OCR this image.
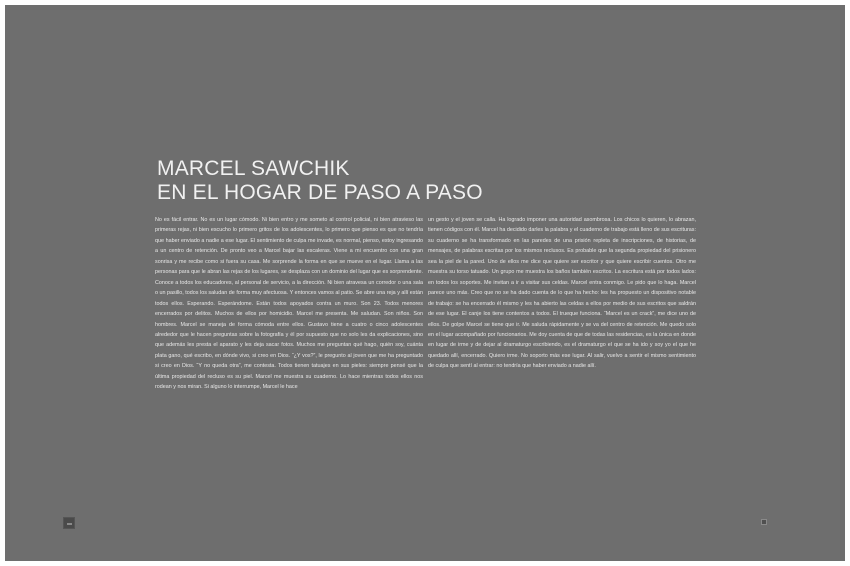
MARCEL SAWCHIK
EN EL HOGAR DE PASO A PASO

No es fácil entrar. No es un lugar cómodo. Ni bien entro y me someto al control policial, ni bien atravieso las primeras rejas, ni bien escucho lo primero gritos de los adolescentes, lo primero que pienso es que no tendría que haber enviado a nadie a ese lugar. El sentimiento de culpa me invade, es normal, pienso, estoy ingresando a un centro de retención. De pronto veo a Marcel bajar las escaleras. Viene a mi encuentro con una gran sonrisa y me recibe como si fuera su casa. Me sorprende la forma en que se mueve en el lugar. Llama a las personas para que le abran las rejas de los lugares, se desplaza con un dominio del lugar que es sorprendente. Conoce a todos los educadores, al personal de servicio, a la dirección. Ni bien atravesa un corredor o una sala o un pasillo, todos los saludan de forma muy afectuosa. Y entonces vamos al patio. Se abre una reja y allí están todos ellos. Esperando. Esperándome. Están todos apoyados contra un muro. Son 23. Todos menores encerrados por delitos. Muchos de ellos por homicidio. Marcel me presenta. Me saludan. Son niños. Son hombres. Marcel se maneja de forma cómoda entre ellos. Gustavo tiene a cuatro o cinco adolescentes alrededor que le hacen preguntas sobre la fotografía y él por supuesto que no solo les da explicaciones, sino que además les presta el aparato y les deja sacar fotos. Muchos me preguntan qué hago, quién soy, cuánta plata gano, qué escribo, en dónde vivo, si creo en Dios. “¿Y vos?”, le pregunto al joven que me ha preguntado si creo en Dios. “Y no queda otra”, me contesta. Todos tienen tatuajes en sus pieles: siempre pensé que la última propiedad del recluso es su piel. Marcel me muestra su cuaderno. Lo hace mientras todos ellos nos rodean y nos miran. Si alguno lo interrumpe, Marcel le hace

un gesto y el joven se calla. Ha logrado imponer una autoridad asombrosa. Los chicos lo quieren, lo abrazan, tienen códigos con él. Marcel ha decidido darles la palabra y el cuaderno de trabajo está lleno de sus escrituras: su cuaderno se ha transformado en las paredes de una prisión repleta de inscripciones, de historias, de mensajes, de palabras escritas por los mismos reclusos. Es probable que la segunda propiedad del prisionero sea la piel de la pared. Uno de ellos me dice que quiere ser escritor y que quiere escribir cuentos. Otro me muestra su torso tatuado. Un grupo me muestra los baños también escritos. La escritura está por todos lados: en todos los soportes. Me invitan a ir a visitar sus celdas. Marcel entra conmigo. Le pido que lo haga. Marcel parece uno más. Creo que no se ha dado cuenta de lo que ha hecho: les ha propuesto un dispositivo notable de trabajo: se ha encerrado él mismo y les ha abierto las celdas a ellos por medio de sus escritos que saldrán de ese lugar. El canje los tiene contentos a todos. El trueque funciona. “Marcel es un crack”, me dice uno de ellos. De golpe Marcel se tiene que ir. Me saluda rápidamente y se va del centro de retención. Me quedo solo en el lugar acompañado por funcionarios. Me doy cuenta de que de todas las residencias, es la única en donde en lugar de irme y de dejar al dramaturgo escribiendo, es el dramaturgo el que se ha ido y soy yo el que he quedado allí, encerrado. Quiero irme. No soporto más ese lugar. Al salir, vuelvo a sentir el mismo sentimiento de culpa que sentí al entrar: no tendría que haber enviado a nadie allí.
